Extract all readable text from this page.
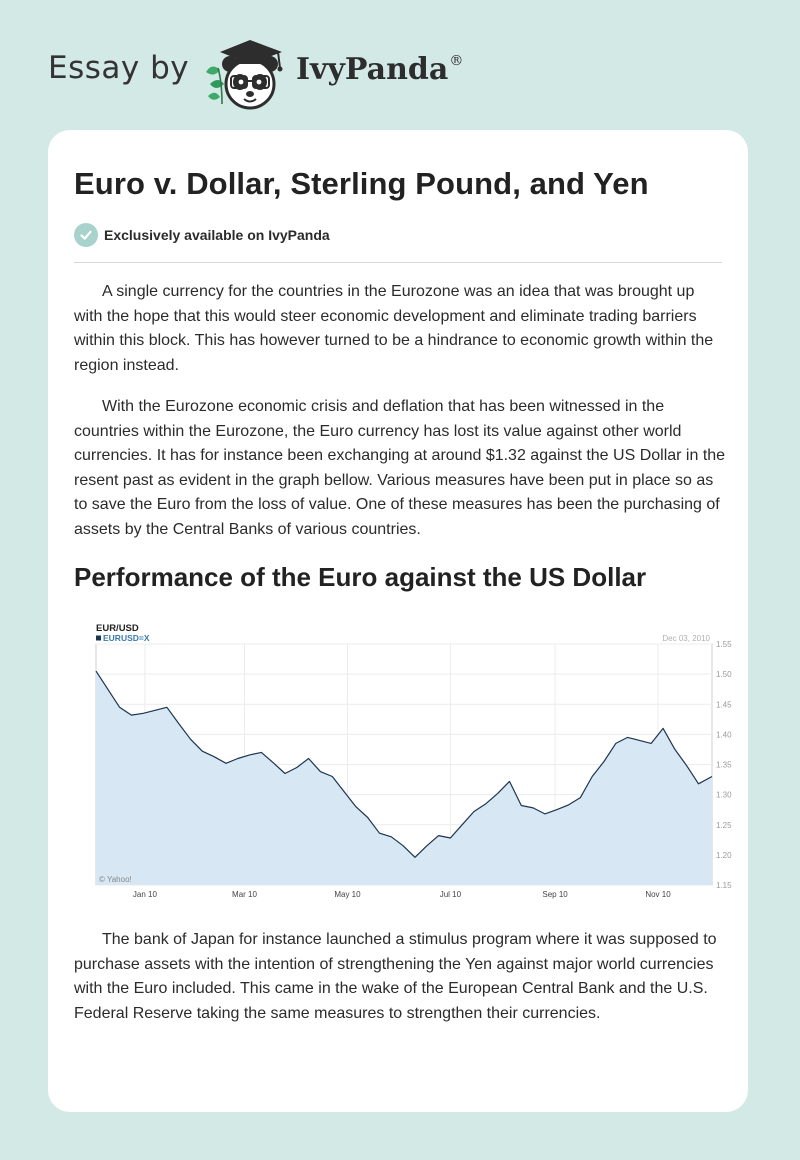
Essay by	IvyPanda®
Euro v. Dollar, Sterling Pound, and Yen
Exclusively available on IvyPanda

A single currency for the countries in the Eurozone was an idea that was brought up with the hope that this would steer economic development and eliminate trading barriers within this block. This has however turned to be a hindrance to economic growth within the region instead.

With the Eurozone economic crisis and deflation that has been witnessed in the countries within the Eurozone, the Euro currency has lost its value against other world currencies. It has for instance been exchanging at around $1.32 against the US Dollar in the resent past as evident in the graph bellow. Various measures have been put in place so as to save the Euro from the loss of value. One of these measures has been the purchasing of assets by the Central Banks of various countries.

Performance of the Euro against the US Dollar
1.55
1.50
1.45
1.40
1.35
1.30
1.25
1.20
1.15
Jan 10	Mar 10	May 10	Jul 10	Sep 10	Nov 10
EUR/USD
EURUSD=X	Dec 03, 2010
© Yahoo!

The bank of Japan for instance launched a stimulus program where it was supposed to purchase assets with the intention of strengthening the Yen against major world currencies with the Euro included. This came in the wake of the European Central Bank and the U.S. Federal Reserve taking the same measures to strengthen their currencies.
